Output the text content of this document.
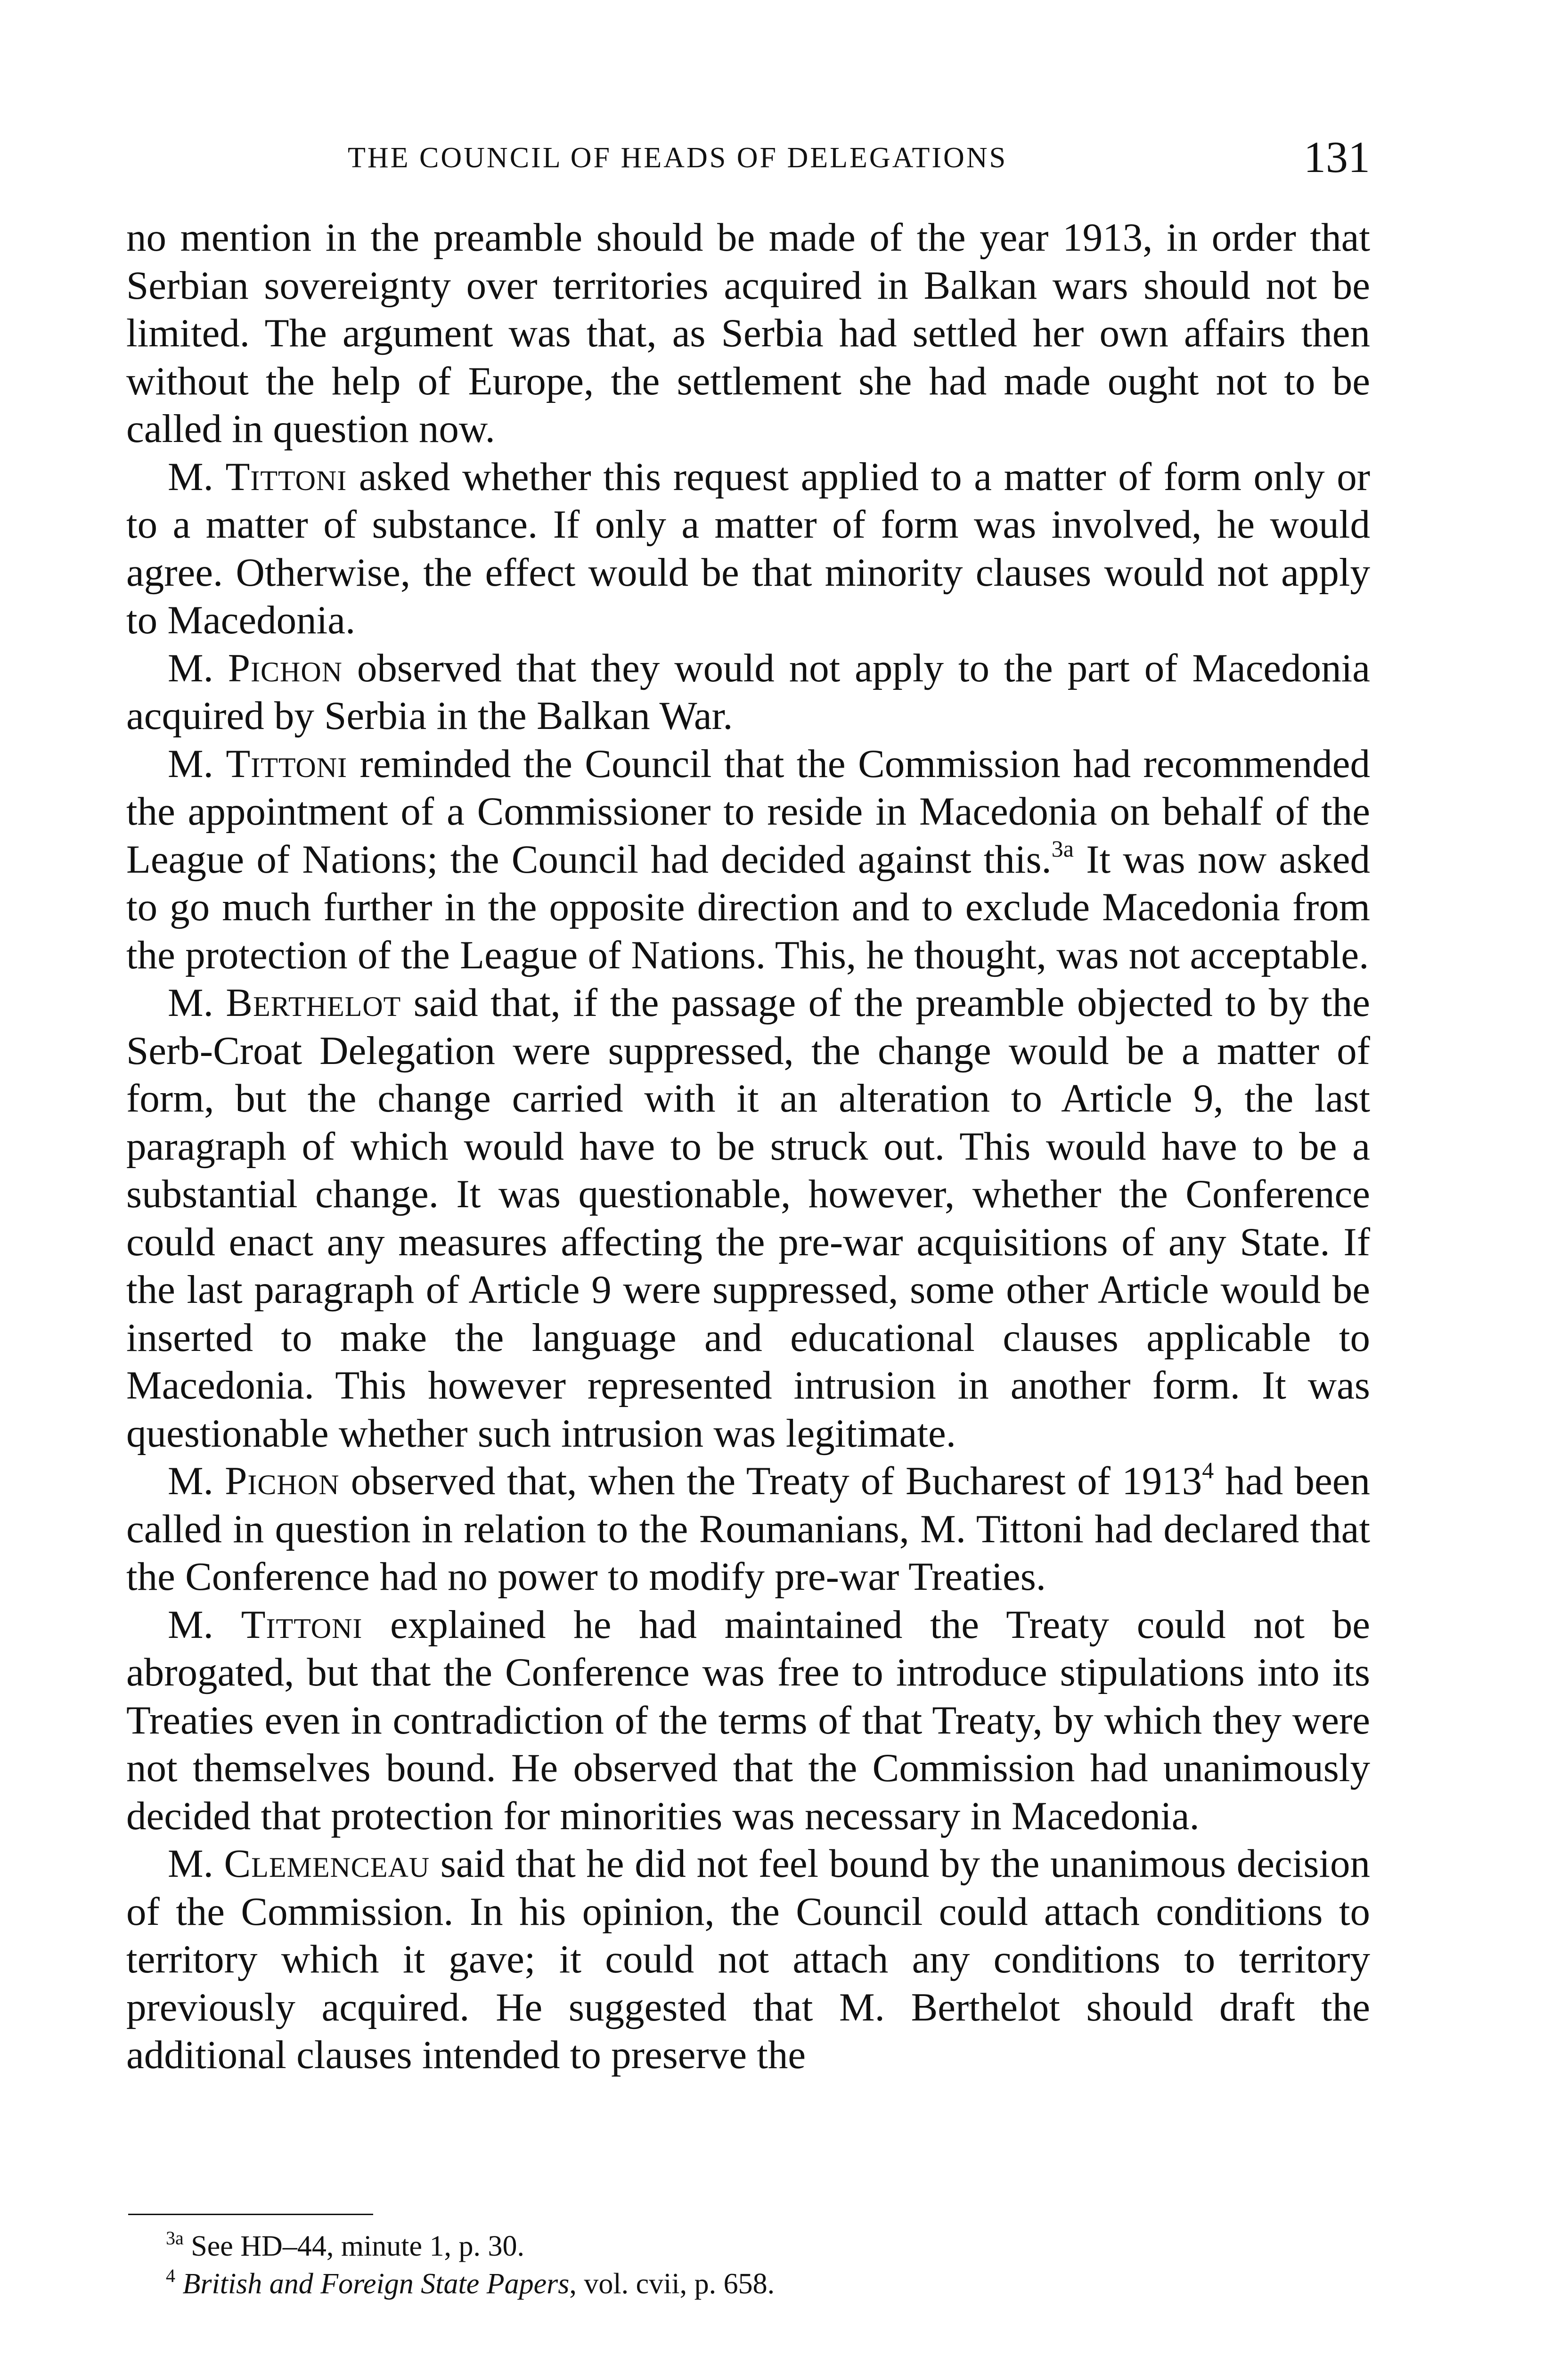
THE COUNCIL OF HEADS OF DELEGATIONS	131

no mention in the preamble should be made of the year 1913, in order that Serbian sovereignty over territories acquired in Balkan wars should not be limited. The argument was that, as Serbia had settled her own affairs then without the help of Europe, the settlement she had made ought not to be called in question now.

M. Tittoni asked whether this request applied to a matter of form only or to a matter of substance. If only a matter of form was involved, he would agree. Otherwise, the effect would be that minority clauses would not apply to Macedonia.

M. Pichon observed that they would not apply to the part of Macedonia acquired by Serbia in the Balkan War.

M. Tittoni reminded the Council that the Commission had recommended the appointment of a Commissioner to reside in Macedonia on behalf of the League of Nations; the Council had decided against this.$^{3a}$ It was now asked to go much further in the opposite direction and to exclude Macedonia from the protection of the League of Nations. This, he thought, was not acceptable.

M. Berthelot said that, if the passage of the preamble objected to by the Serb-Croat Delegation were suppressed, the change would be a matter of form, but the change carried with it an alteration to Article 9, the last paragraph of which would have to be struck out. This would have to be a substantial change. It was questionable, however, whether the Conference could enact any measures affecting the pre-war acquisitions of any State. If the last paragraph of Article 9 were suppressed, some other Article would be inserted to make the language and educational clauses applicable to Macedonia. This however represented intrusion in another form. It was questionable whether such intrusion was legitimate.

M. Pichon observed that, when the Treaty of Bucharest of 1913$^4$ had been called in question in relation to the Roumanians, M. Tittoni had declared that the Conference had no power to modify pre-war Treaties.

M. Tittoni explained he had maintained the Treaty could not be abrogated, but that the Conference was free to introduce stipulations into its Treaties even in contradiction of the terms of that Treaty, by which they were not themselves bound. He observed that the Commission had unanimously decided that protection for minorities was necessary in Macedonia.

M. Clemenceau said that he did not feel bound by the unanimous decision of the Commission. In his opinion, the Council could attach conditions to territory which it gave; it could not attach any conditions to territory previously acquired. He suggested that M. Berthelot should draft the additional clauses intended to preserve the

$^{3a}$ See HD–44, minute 1, p. 30.
$^4$ British and Foreign State Papers, vol. cvii, p. 658.
